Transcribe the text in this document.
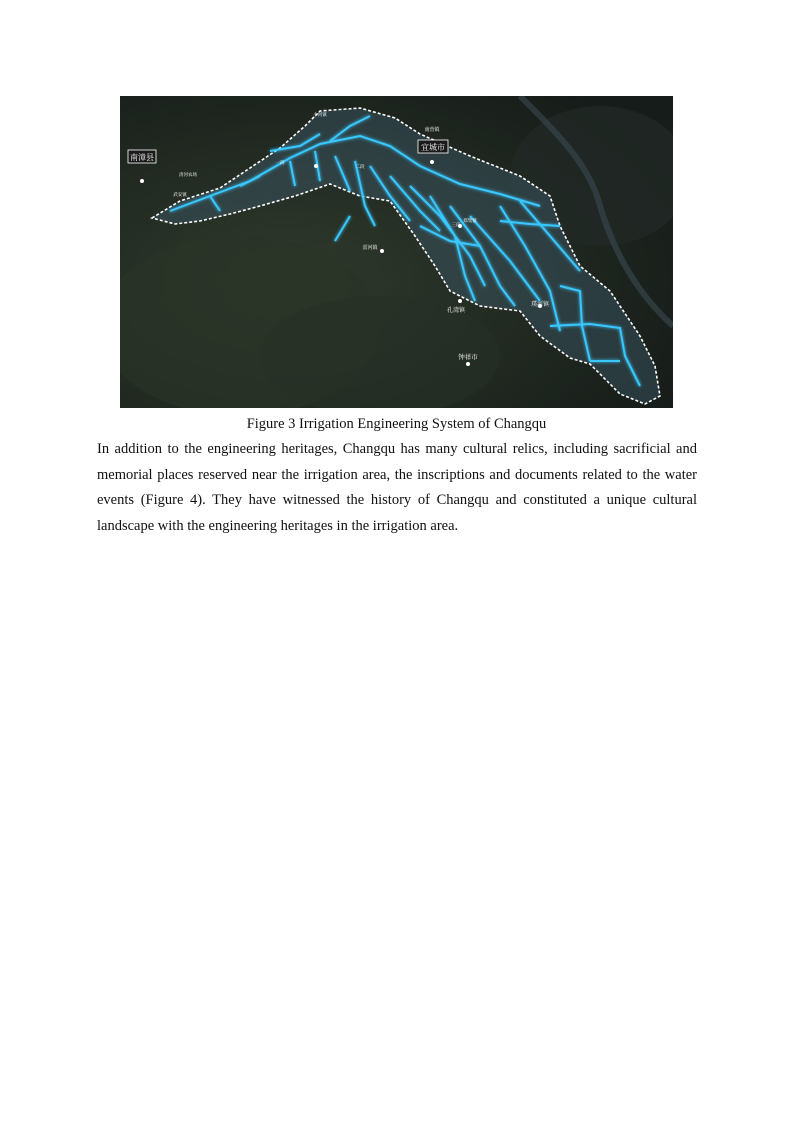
南漳县
宜城市
南营镇
小河镇
清河农场
武安镇
一段
二段
三段
郑集镇
雷河镇
孔湾镇
璞河镇
钟祥市
Figure 3 Irrigation Engineering System of Changqu
In addition to the engineering heritages, Changqu has many cultural relics, including sacrificial and memorial places reserved near the irrigation area, the inscriptions and documents related to the water events (Figure 4). They have witnessed the history of Changqu and constituted a unique cultural landscape with the engineering heritages in the irrigation area.
